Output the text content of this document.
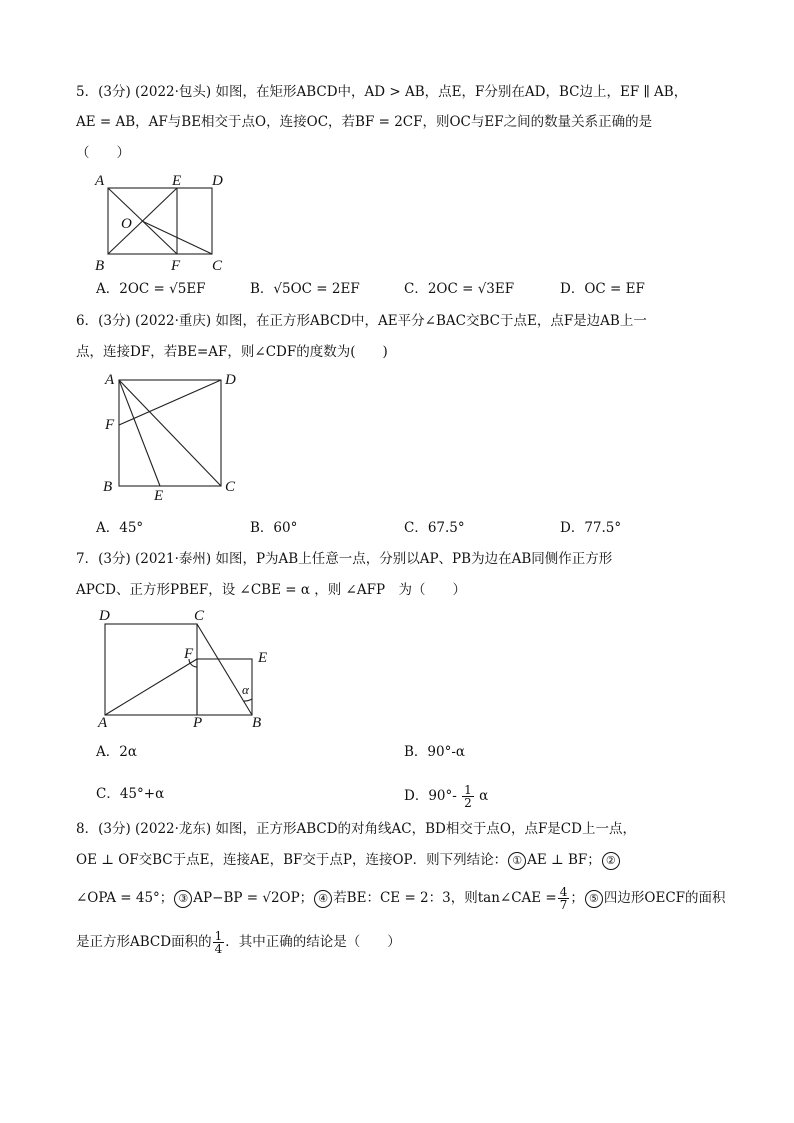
5．(3分) (2022·包头) 如图，在矩形ABCD中，AD > AB，点E，F分别在AD，BC边上，EF ∥ AB，
AE = AB，AF与BE相交于点O，连接OC，若BF = 2CF，则OC与EF之间的数量关系正确的是
（　　）
A	E D
O
B	F C
A．2OC = √5EF	B．√5OC = 2EF	C．2OC = √3EF	D．OC = EF
6．(3分) (2022·重庆) 如图，在正方形ABCD中，AE平分∠BAC交BC于点E，点F是边AB上一
点，连接DF，若BE=AF，则∠CDF的度数为(　　)
A	D
F
B
E
C
A．45°	B．60°	C．67.5°	D．77.5°
7．(3分) (2021·泰州) 如图，P为AB上任意一点，分别以AP、PB为边在AB同侧作正方形
APCD、正方形PBEF，设 ∠CBE = α ，则 ∠AFP　为（　　）
D	C
F	E
α
A	P	B
A．2α	B．90°-α
C．45°+α	D．$90^\circ- \frac{1}{2}$ α
8．(3分) (2022·龙东) 如图，正方形ABCD的对角线AC，BD相交于点O，点F是CD上一点，
OE ⊥ OF交BC于点E，连接AE，BF交于点P，连接OP．则下列结论： ① AE ⊥ BF； ②
∠OPA = 45°； ③ AP−BP = √2OP； ④ 若BE：CE = 2：3，则tan∠CAE = $\frac{4}{7}$ ； ⑤ 四边形OECF的面积
是正方形ABCD面积的 $\frac{1}{4}$ ．其中正确的结论是（　　）
